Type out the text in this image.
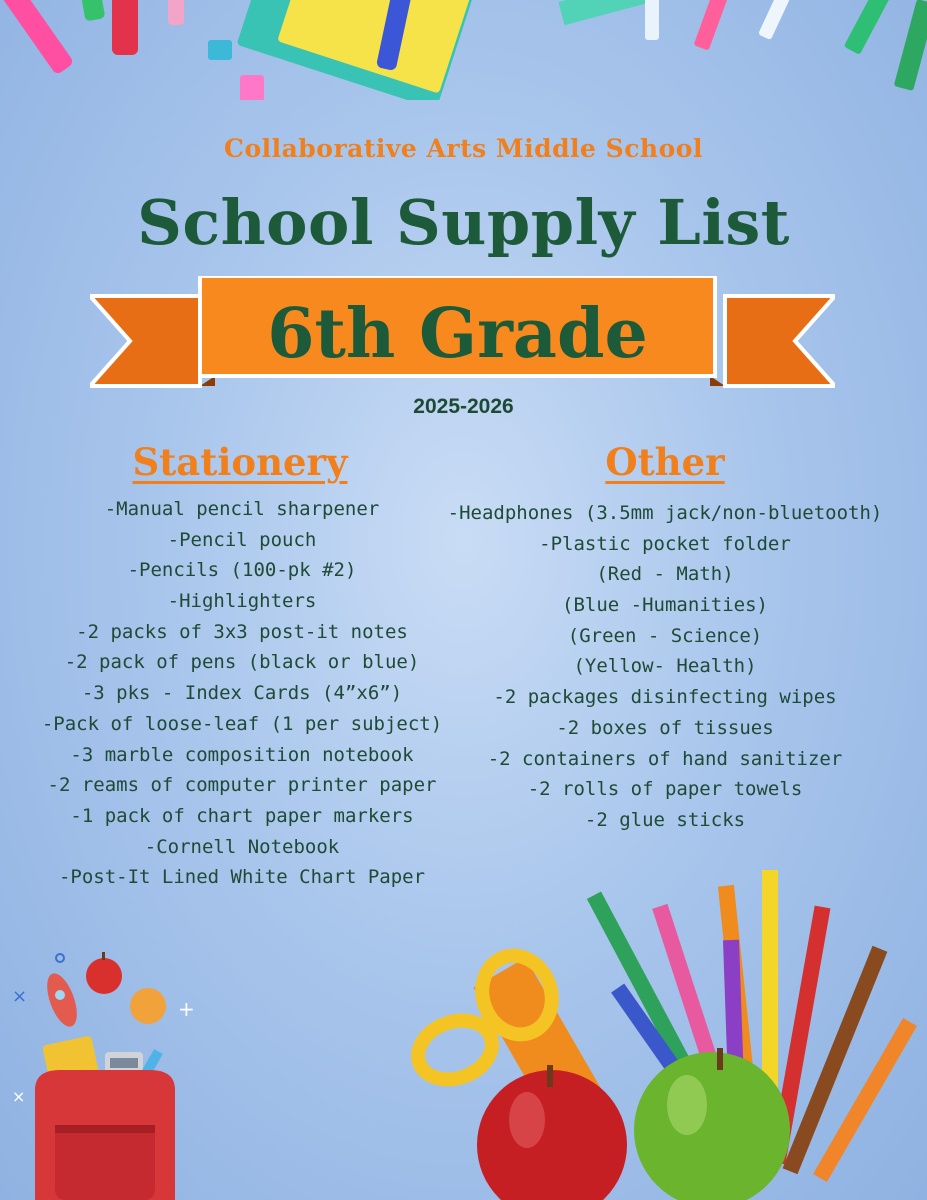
Collaborative Arts Middle School
School Supply List
6th Grade
2025-2026
Stationery
-Manual pencil sharpener
-Pencil pouch
-Pencils (100-pk #2)
-Highlighters
-2 packs of 3x3 post-it notes
-2 pack of pens (black or blue)
-3 pks - Index Cards (4”x6”)
-Pack of loose-leaf (1 per subject)
-3 marble composition notebook
-2 reams of computer printer paper
-1 pack of chart paper markers
-Cornell Notebook
-Post-It Lined White Chart Paper
Other
-Headphones (3.5mm jack/non-bluetooth)
-Plastic pocket folder
(Red - Math)
(Blue -Humanities)
(Green - Science)
(Yellow- Health)
-2 packages disinfecting wipes
-2 boxes of tissues
-2 containers of hand sanitizer
-2 rolls of paper towels
-2 glue sticks
×
+
×
